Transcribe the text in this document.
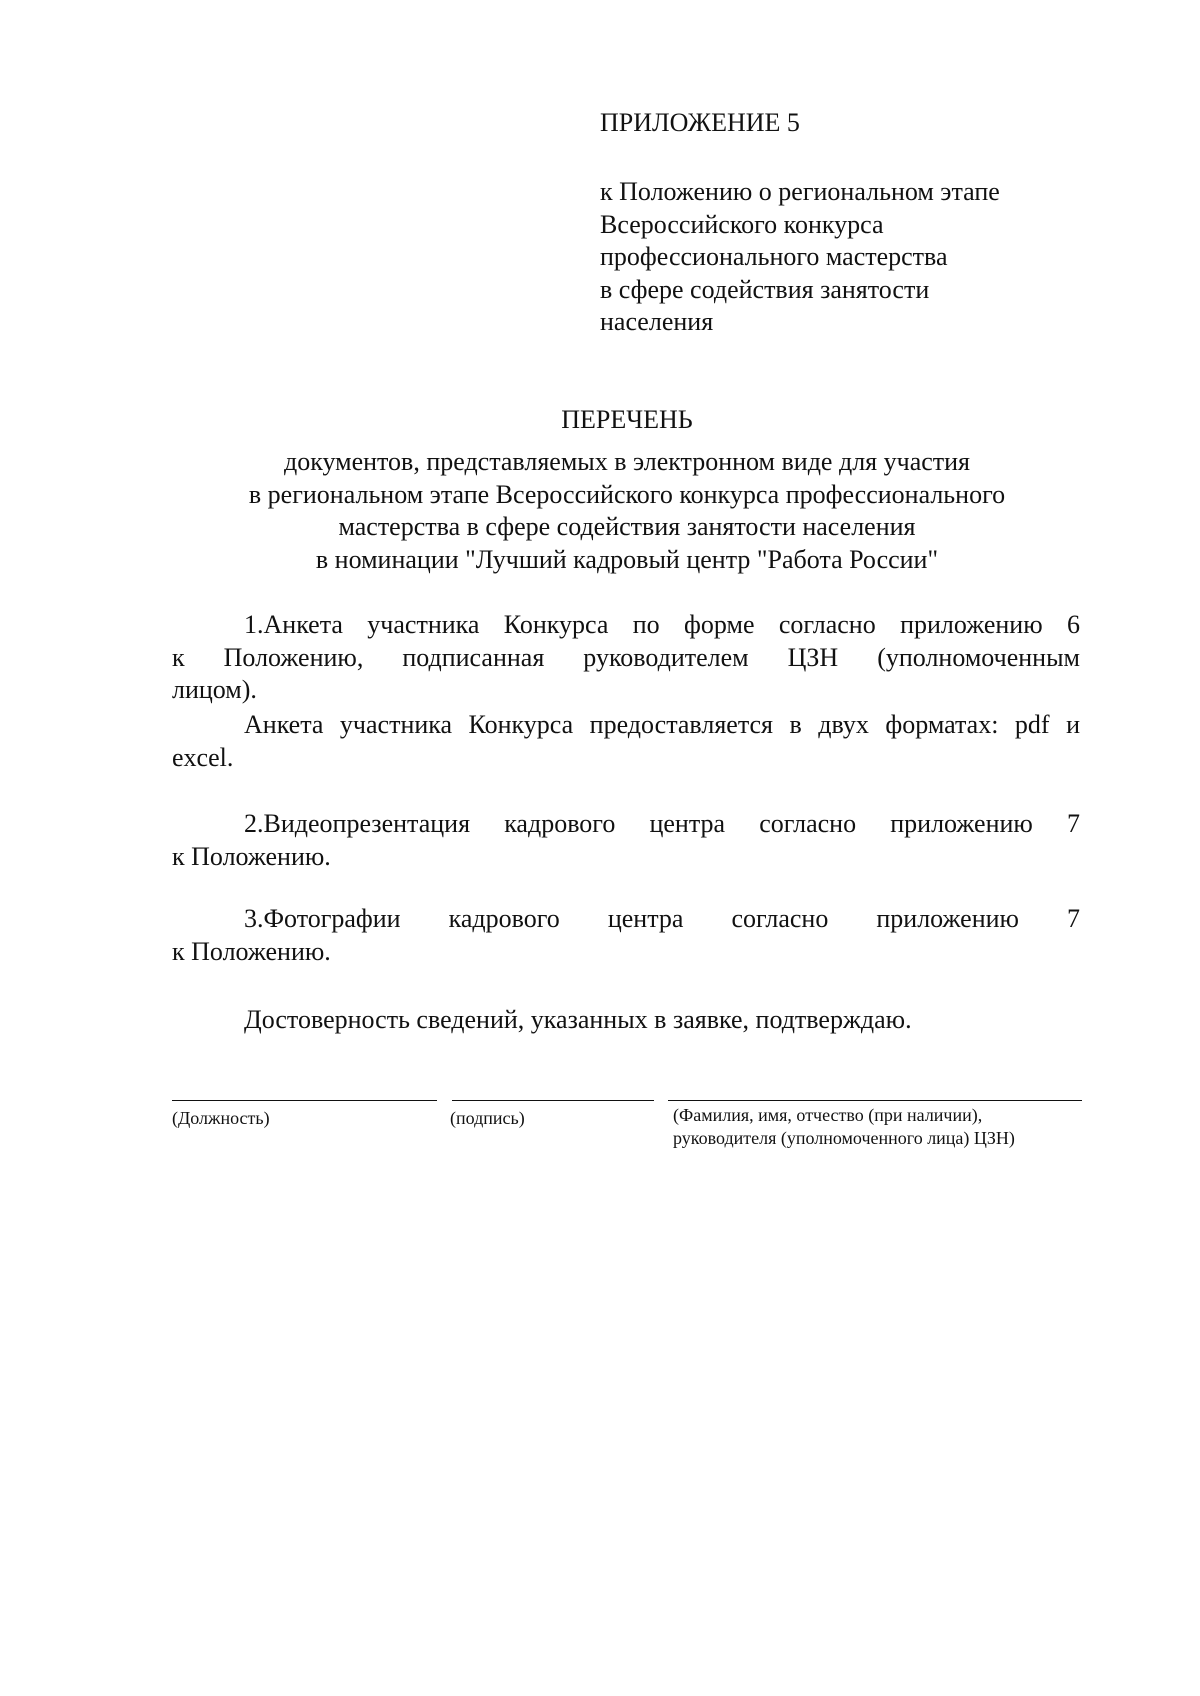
ПРИЛОЖЕНИЕ 5
к Положению о региональном этапе
Всероссийского конкурса
профессионального мастерства
в сфере содействия занятости
населения
ПЕРЕЧЕНЬ
документов, представляемых в электронном виде для участия
в региональном этапе Всероссийского конкурса профессионального
мастерства в сфере содействия занятости населения
в номинации "Лучший кадровый центр "Работа России"
1.Анкета участника Конкурса по форме согласно приложению 6
к Положению, подписанная руководителем ЦЗН (уполномоченным
лицом).
Анкета участника Конкурса предоставляется в двух форматах: pdf и
excel.
2.Видеопрезентация кадрового центра согласно приложению 7
к Положению.
3.Фотографии кадрового центра согласно приложению 7
к Положению.
Достоверность сведений, указанных в заявке, подтверждаю.
(Должность)	(подпись)	(Фамилия, имя, отчество (при наличии),
руководителя (уполномоченного лица) ЦЗН)
